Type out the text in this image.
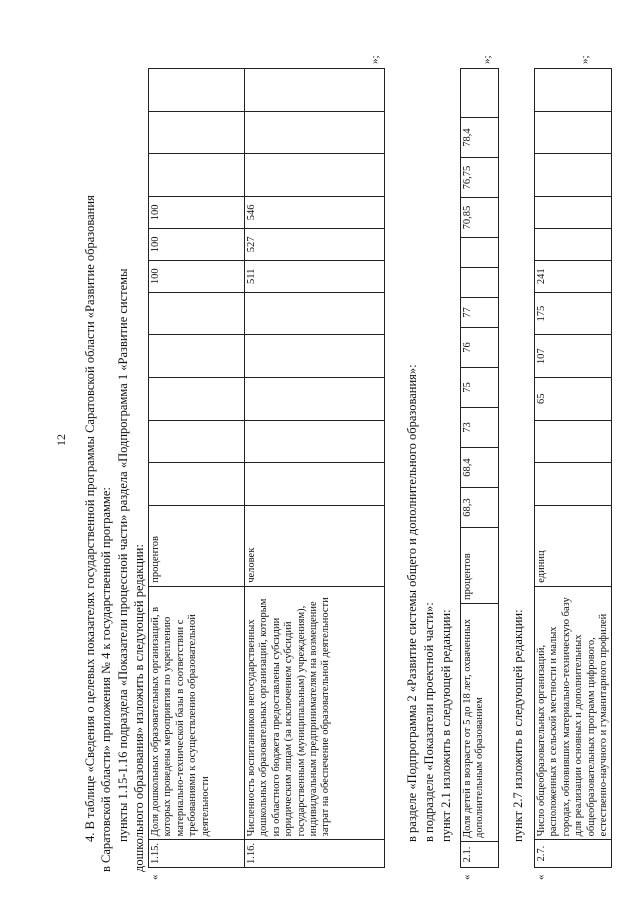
12 4. В таблице «Сведения о целевых показателях государственной программы Саратовской области «Развитие образования в Саратовской области» приложения № 4 к государственной программе: пункты 1.15-1.16 подраздела «Показатели процессной части» раздела «Подпрограмма 1 «Развитие системы дошкольного образования» изложить в следующей редакции:

«
1.15.	Доля дошкольных образовательных организаций, в которых проведены мероприятия по укреплению материально-технической базы в соответствии с требованиями к осуществлению образовательной деятельности	процентов						100	100	100			
1.16.	Численность воспитанников негосударственных дошкольных образовательных организаций, которым из областного бюджета предоставлены субсидии юридическим лицам (за исключением субсидий государственным (муниципальным) учреждениям), индивидуальным предпринимателям на возмещение затрат на обеспечение образовательной деятельности	человек						511	527	546			
»;
в разделе «Подпрограмма 2 «Развитие системы общего и дополнительного образования»: в подразделе «Показатели проектной части»: пункт 2.1 изложить в следующей редакции:
«
2.1.	Доля детей в возрасте от 5 до 18 лет, охваченных дополнительным образованием	процентов	68,3	68,4	73	75	76	77			70,85	76,75	78,4	
»;
пункт 2.7 изложить в следующей редакции:
«
2.7.	Число общеобразовательных организаций, расположенных в сельской местности и малых городах, обновивших материально-техническую базу для реализации основных и дополнительных общеобразовательных программ цифрового, естественно-научного и гуманитарного профилей	единиц			65	107	175	241					
»;
